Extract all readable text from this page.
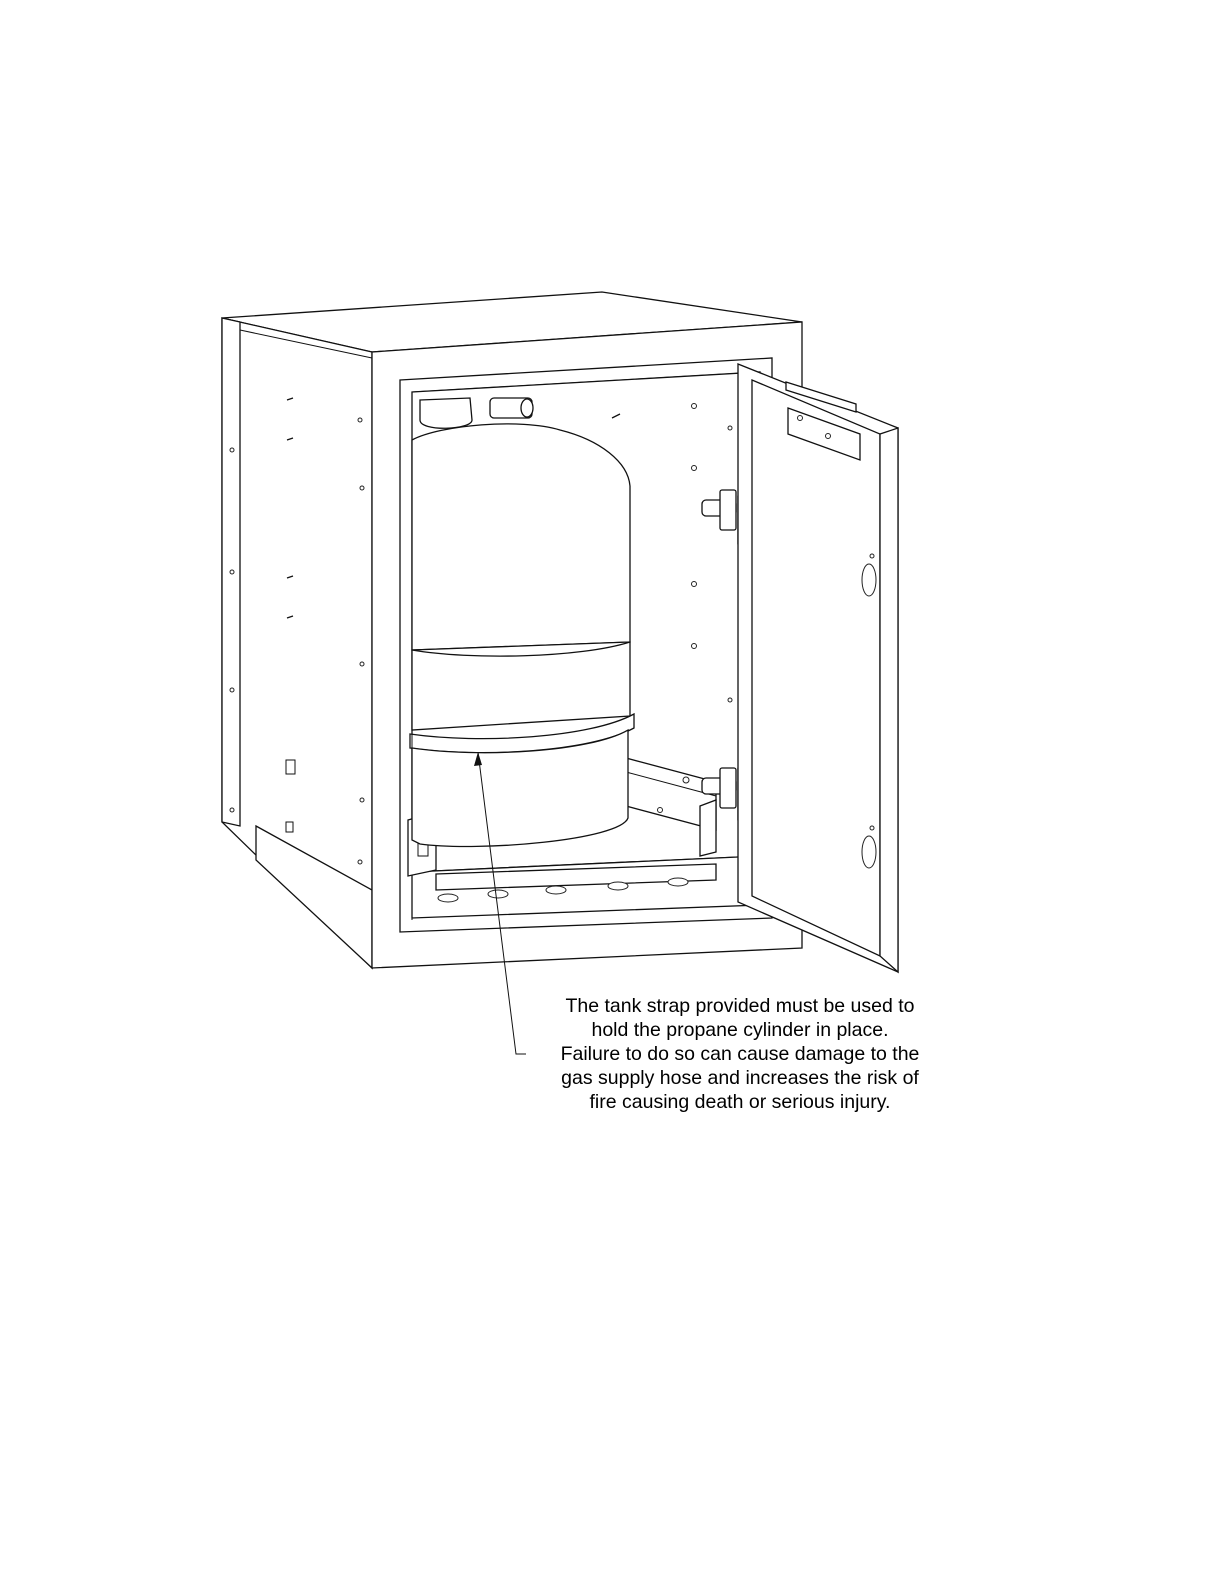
The tank strap provided must be used to
hold the propane cylinder in place.
Failure to do so can cause damage to the
gas supply hose and increases the risk of
fire causing death or serious injury.
